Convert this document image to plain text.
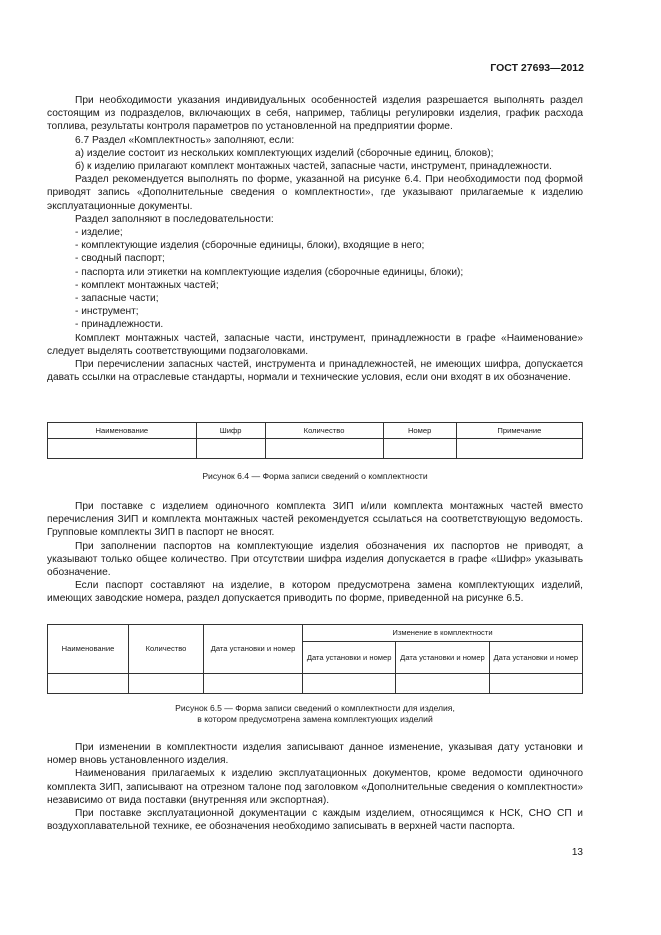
ГОСТ 27693—2012

При необходимости указания индивидуальных особенностей изделия разрешается выполнять раздел состоящим из подразделов, включающих в себя, например, таблицы регулировки изделия, график расхода топлива, результаты контроля параметров по установленной на предприятии форме.

6.7 Раздел «Комплектность» заполняют, если:

а) изделие состоит из нескольких комплектующих изделий (сборочные единиц, блоков);

б) к изделию прилагают комплект монтажных частей, запасные части, инструмент, принадлежности.

Раздел рекомендуется выполнять по форме, указанной на рисунке 6.4. При необходимости под формой приводят запись «Дополнительные сведения о комплектности», где указывают прилагаемые к изделию эксплуатационные документы.

Раздел заполняют в последовательности:

- изделие;

- комплектующие изделия (сборочные единицы, блоки), входящие в него;

- сводный паспорт;

- паспорта или этикетки на комплектующие изделия (сборочные единицы, блоки);

- комплект монтажных частей;

- запасные части;

- инструмент;

- принадлежности.

Комплект монтажных частей, запасные части, инструмент, принадлежности в графе «Наименование» следует выделять соответствующими подзаголовками.

При перечислении запасных частей, инструмента и принадлежностей, не имеющих шифра, допускается давать ссылки на отраслевые стандарты, нормали и технические условия, если они входят в их обозначение.

Наименование	Шифр	Количество	Номер	Примечание

Рисунок 6.4 — Форма записи сведений о комплектности

При поставке с изделием одиночного комплекта ЗИП и/или комплекта монтажных частей вместо перечисления ЗИП и комплекта монтажных частей рекомендуется ссылаться на соответствующую ведомость. Групповые комплекты ЗИП в паспорт не вносят.

При заполнении паспортов на комплектующие изделия обозначения их паспортов не приводят, а указывают только общее количество. При отсутствии шифра изделия допускается в графе «Шифр» указывать обозначение.

Если паспорт составляют на изделие, в котором предусмотрена замена комплектующих изделий, имеющих заводские номера, раздел допускается приводить по форме, приведенной на рисунке 6.5.

Наименование	Количество	Дата установки и номер	Изменение в комплектности		
			Дата установки и номер	Дата установки и номер	Дата установки и номер

Рисунок 6.5 — Форма записи сведений о комплектности для изделия,
в котором предусмотрена замена комплектующих изделий

При изменении в комплектности изделия записывают данное изменение, указывая дату установки и номер вновь установленного изделия.

Наименования прилагаемых к изделию эксплуатационных документов, кроме ведомости одиночного комплекта ЗИП, записывают на отрезном талоне под заголовком «Дополнительные сведения о комплектности» независимо от вида поставки (внутренняя или экспортная).

При поставке эксплуатационной документации с каждым изделием, относящимся к НСК, СНО СП и воздухоплавательной технике, ее обозначения необходимо записывать в верхней части паспорта.

13
